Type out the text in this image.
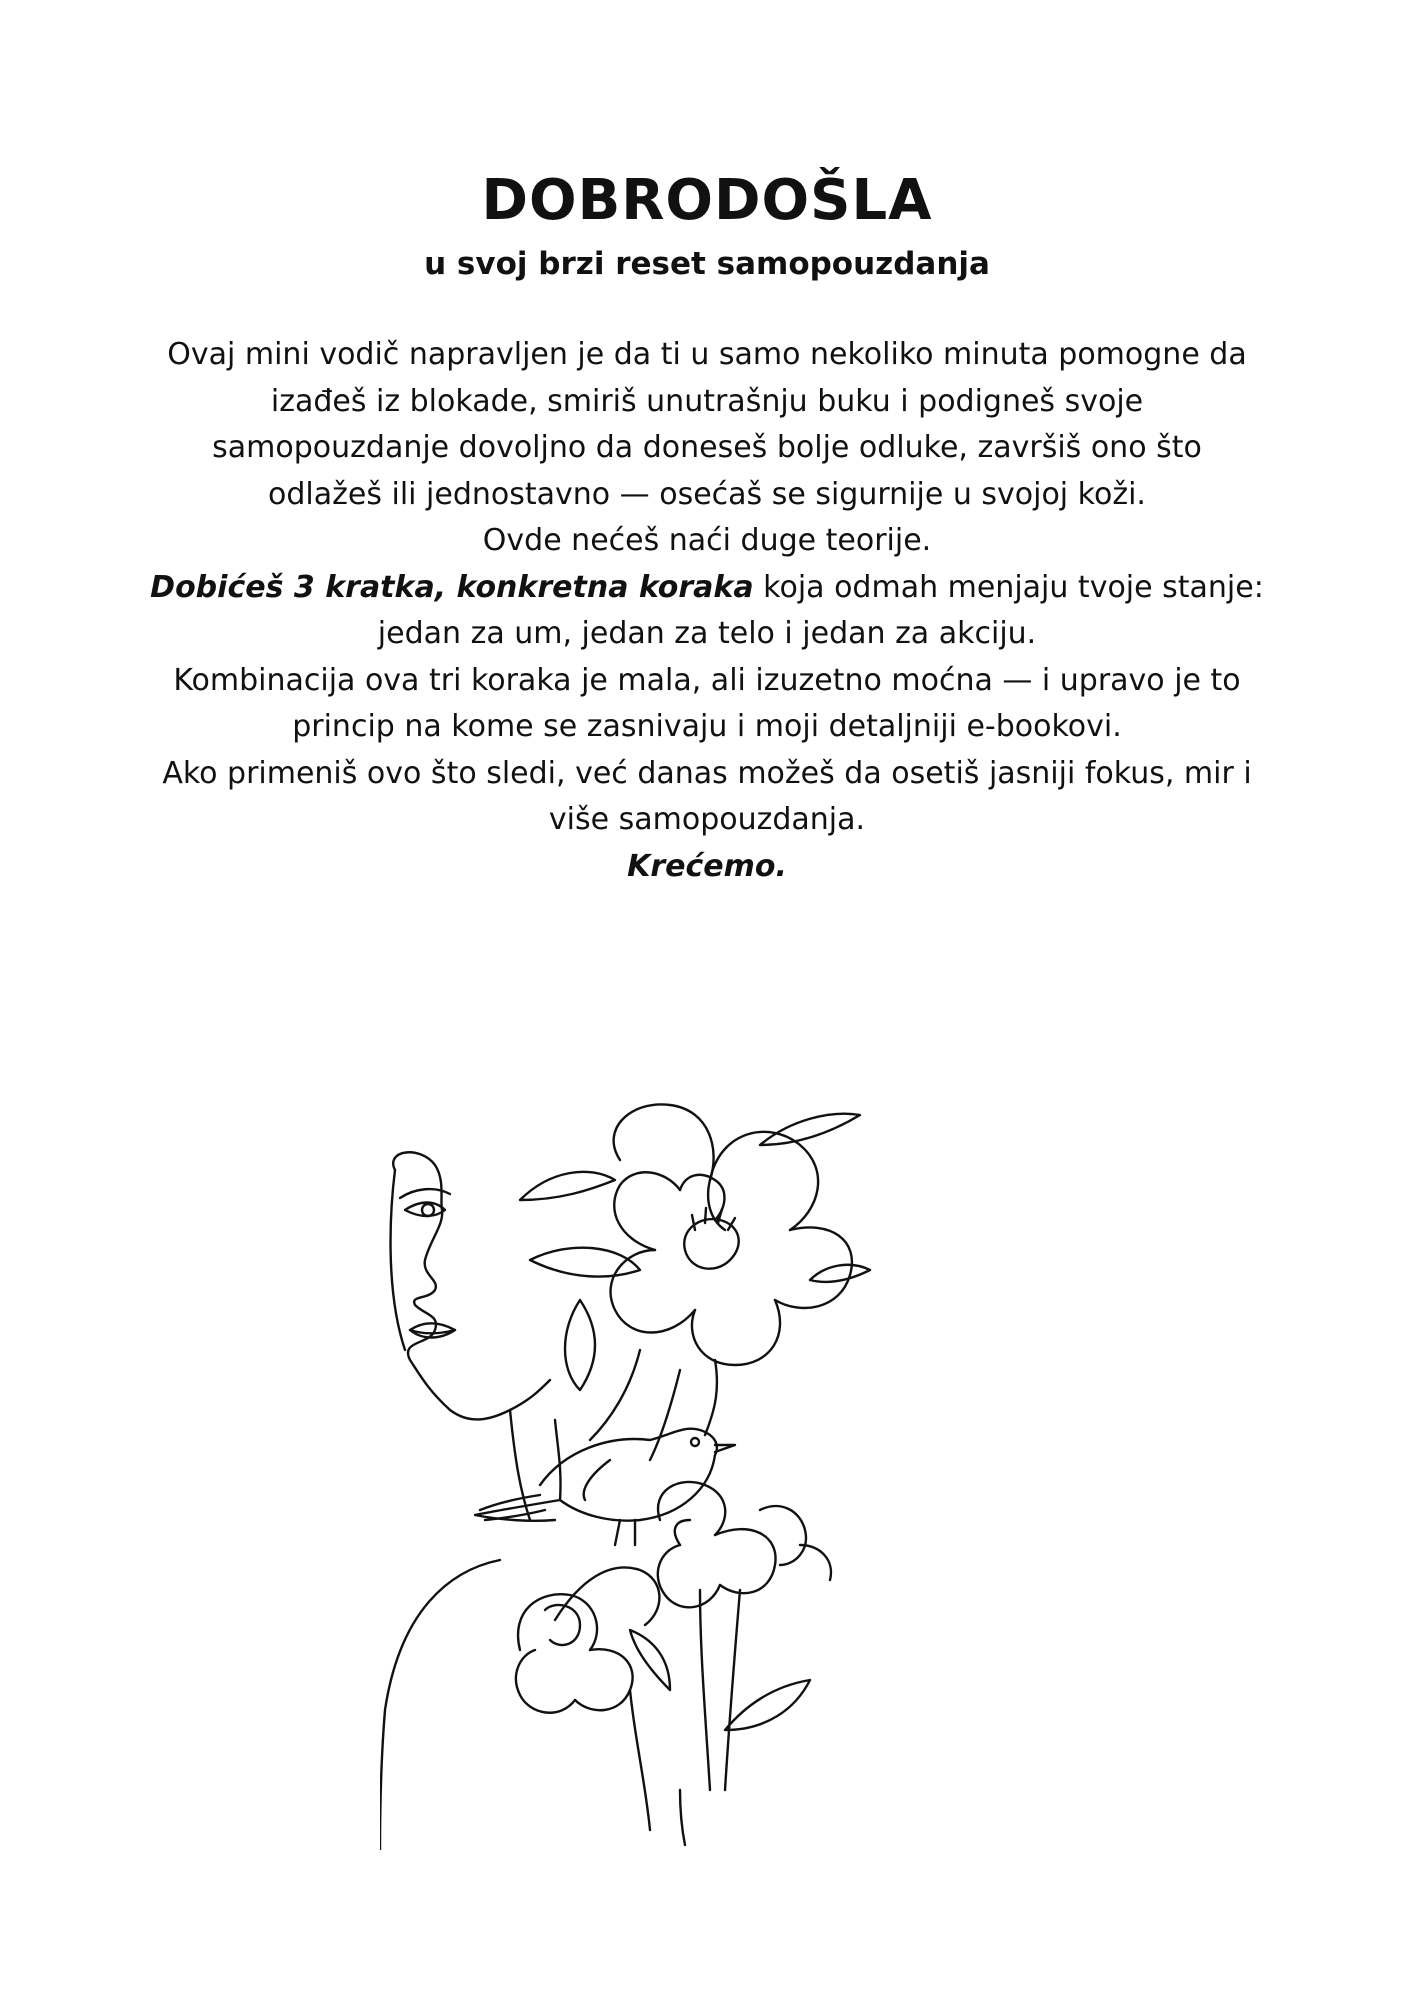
DOBRODOŠLA
u svoj brzi reset samopouzdanja

Ovaj mini vodič napravljen je da ti u samo nekoliko minuta pomogne da

izađeš iz blokade, smiriš unutrašnju buku i podigneš svoje

samopouzdanje dovoljno da doneseš bolje odluke, završiš ono što

odlažeš ili jednostavno — osećaš se sigurnije u svojoj koži.

Ovde nećeš naći duge teorije.

Dobićeš 3 kratka, konkretna koraka koja odmah menjaju tvoje stanje:

jedan za um, jedan za telo i jedan za akciju.

Kombinacija ova tri koraka je mala, ali izuzetno moćna — i upravo je to

princip na kome se zasnivaju i moji detaljniji e-bookovi.

Ako primeniš ovo što sledi, već danas možeš da osetiš jasniji fokus, mir i

više samopouzdanja.

Krećemo.
